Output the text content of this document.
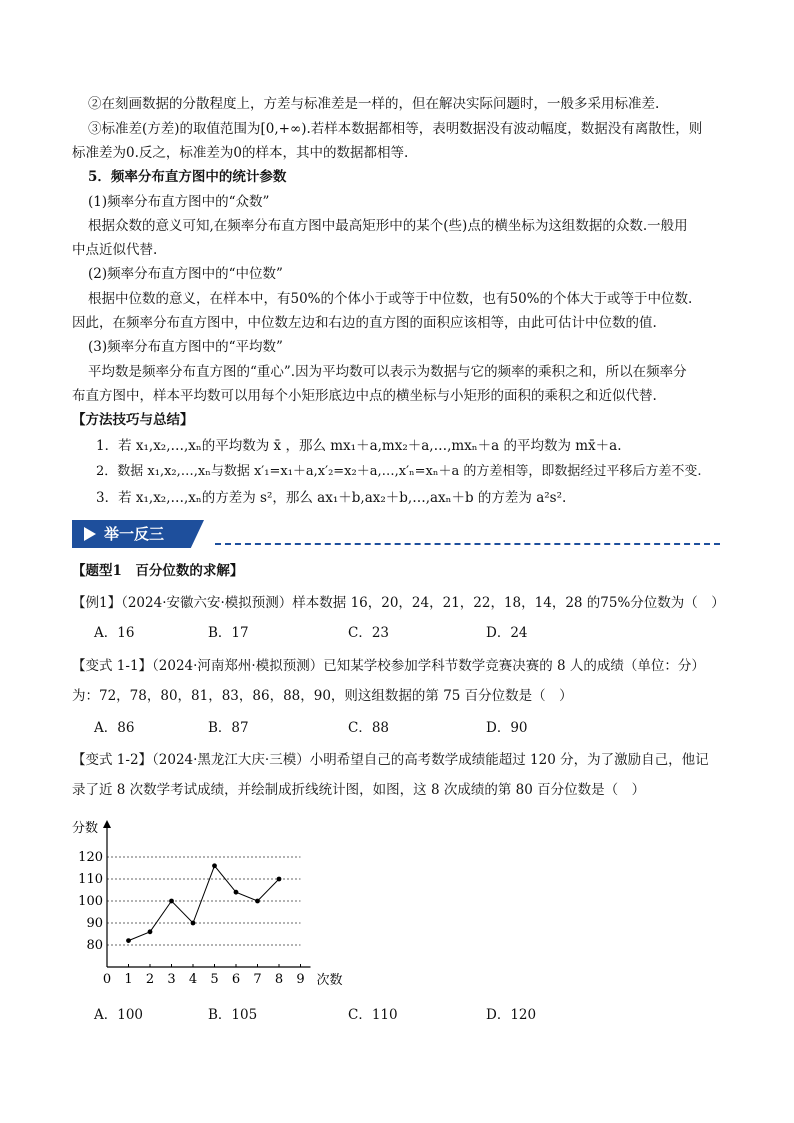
②在刻画数据的分散程度上，方差与标准差是一样的，但在解决实际问题时，一般多采用标准差.
③标准差(方差)的取值范围为[0,+∞).若样本数据都相等，表明数据没有波动幅度，数据没有离散性，则
标准差为0.反之，标准差为0的样本，其中的数据都相等.
5．频率分布直方图中的统计参数
(1)频率分布直方图中的“众数”
根据众数的意义可知,在频率分布直方图中最高矩形中的某个(些)点的横坐标为这组数据的众数.一般用
中点近似代替.
(2)频率分布直方图中的“中位数”
根据中位数的意义，在样本中，有50%的个体小于或等于中位数，也有50%的个体大于或等于中位数.
因此，在频率分布直方图中，中位数左边和右边的直方图的面积应该相等，由此可估计中位数的值.
(3)频率分布直方图中的“平均数”
平均数是频率分布直方图的“重心”.因为平均数可以表示为数据与它的频率的乘积之和，所以在频率分
布直方图中，样本平均数可以用每个小矩形底边中点的横坐标与小矩形的面积的乘积之和近似代替.
【方法技巧与总结】
1．若 x₁,x₂,…,xₙ的平均数为 x̄ ，那么 mx₁＋a,mx₂＋a,…,mxₙ＋a 的平均数为 mx̄＋a.
2．数据 x₁,x₂,…,xₙ与数据 x′₁=x₁＋a,x′₂=x₂＋a,…,x′ₙ=xₙ＋a 的方差相等，即数据经过平移后方差不变.
3．若 x₁,x₂,…,xₙ的方差为 s²，那么 ax₁＋b,ax₂＋b,…,axₙ＋b 的方差为 a²s².
举一反三
【题型1　百分位数的求解】
【例1】（2024·安徽六安·模拟预测）样本数据 16，20，24，21，22，18，14，28 的75%分位数为（　）
A．16	B．17	C．23	D．24
【变式 1-1】（2024·河南郑州·模拟预测）已知某学校参加学科节数学竞赛决赛的 8 人的成绩（单位：分）
为：72，78，80，81，83，86，88，90，则这组数据的第 75 百分位数是（　）
A．86	B．87	C．88	D．90
【变式 1-2】（2024·黑龙江大庆·三模）小明希望自己的高考数学成绩能超过 120 分，为了激励自己，他记
录了近 8 次数学考试成绩，并绘制成折线统计图，如图，这 8 次成绩的第 80 百分位数是（　）
80
90
100
110
120
0 1 2 3 4 5 6 7 8 9
分数
次数
A．100	B．105	C．110	D．120
